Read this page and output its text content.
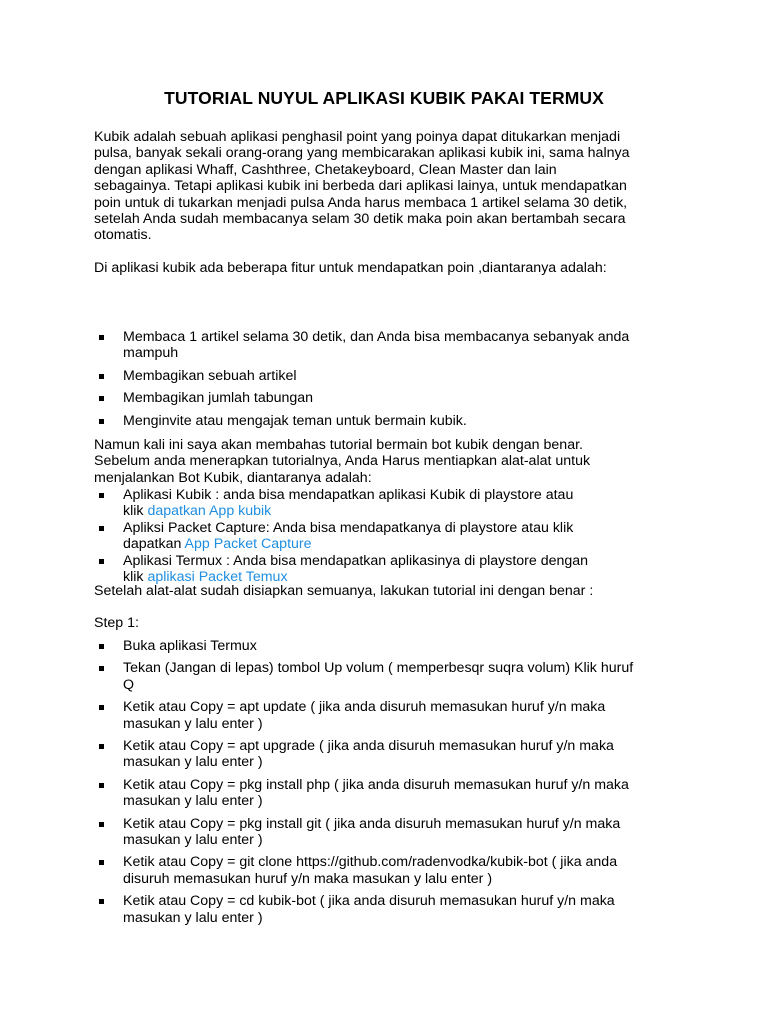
TUTORIAL NUYUL APLIKASI KUBIK PAKAI TERMUX
Kubik adalah sebuah aplikasi penghasil point yang poinya dapat ditukarkan menjadi
pulsa, banyak sekali orang-orang yang membicarakan aplikasi kubik ini, sama halnya
dengan aplikasi Whaff, Cashthree, Chetakeyboard, Clean Master dan lain
sebagainya. Tetapi aplikasi kubik ini berbeda dari aplikasi lainya, untuk mendapatkan
poin untuk di tukarkan menjadi pulsa Anda harus membaca 1 artikel selama 30 detik,
setelah Anda sudah membacanya selam 30 detik maka poin akan bertambah secara
otomatis.
Di aplikasi kubik ada beberapa fitur untuk mendapatkan poin ,diantaranya adalah:
Membaca 1 artikel selama 30 detik, dan Anda bisa membacanya sebanyak anda
mampuh
Membagikan sebuah artikel
Membagikan jumlah tabungan
Menginvite atau mengajak teman untuk bermain kubik.
Namun kali ini saya akan membahas tutorial bermain bot kubik dengan benar.
Sebelum anda menerapkan tutorialnya, Anda Harus mentiapkan alat-alat untuk
menjalankan Bot Kubik, diantaranya adalah:
Aplikasi Kubik : anda bisa mendapatkan aplikasi Kubik di playstore atau
klik dapatkan App kubik
Apliksi Packet Capture: Anda bisa mendapatkanya di playstore atau klik
dapatkan App Packet Capture
Aplikasi Termux : Anda bisa mendapatkan aplikasinya di playstore dengan
klik aplikasi Packet Temux
Setelah alat-alat sudah disiapkan semuanya, lakukan tutorial ini dengan benar :
Step 1:
Buka aplikasi Termux
Tekan (Jangan di lepas) tombol Up volum ( memperbesqr suqra volum) Klik huruf
Q
Ketik atau Copy = apt update ( jika anda disuruh memasukan huruf y/n maka
masukan y lalu enter )
Ketik atau Copy = apt upgrade ( jika anda disuruh memasukan huruf y/n maka
masukan y lalu enter )
Ketik atau Copy = pkg install php ( jika anda disuruh memasukan huruf y/n maka
masukan y lalu enter )
Ketik atau Copy = pkg install git ( jika anda disuruh memasukan huruf y/n maka
masukan y lalu enter )
Ketik atau Copy = git clone https://github.com/radenvodka/kubik-bot ( jika anda
disuruh memasukan huruf y/n maka masukan y lalu enter )
Ketik atau Copy = cd kubik-bot ( jika anda disuruh memasukan huruf y/n maka
masukan y lalu enter )
